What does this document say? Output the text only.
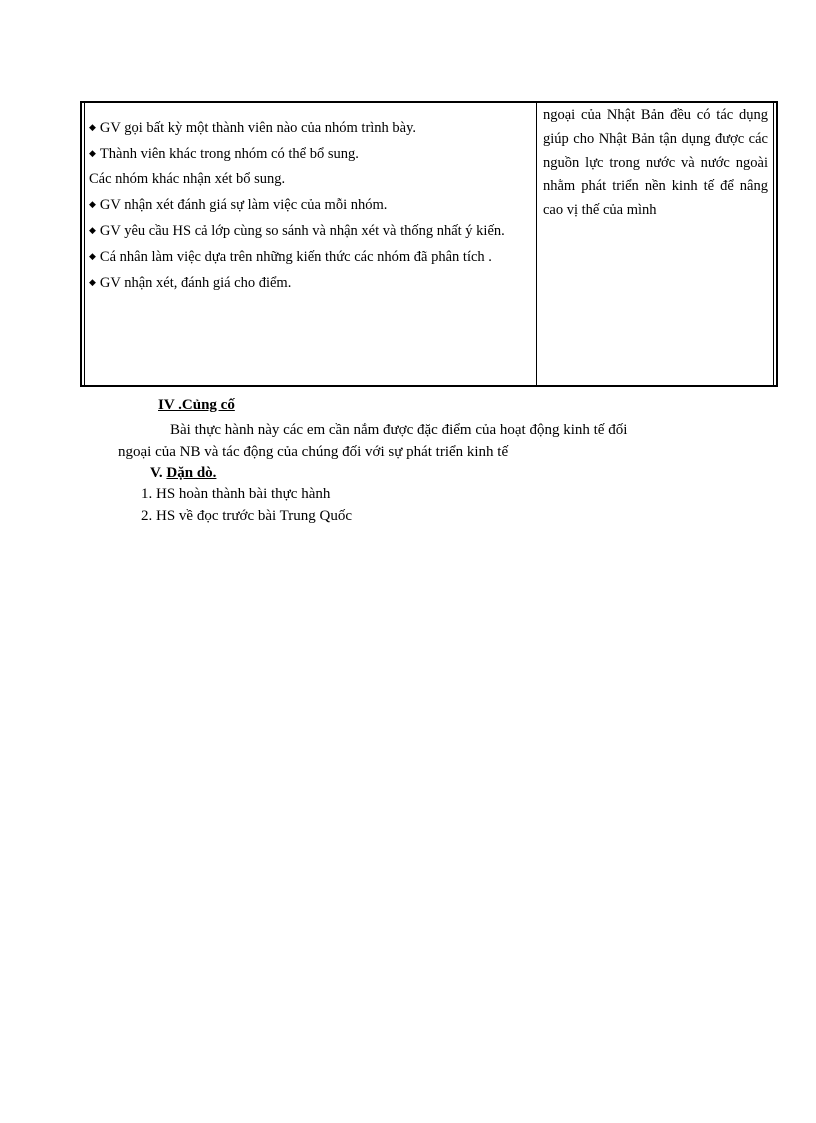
◆ GV gọi bất kỳ một thành viên nào của nhóm trình bày.

◆ Thành viên khác trong nhóm có thể bổ sung.

Các nhóm khác nhận xét bổ sung.

◆ GV nhận xét đánh giá sự làm việc của mỗi nhóm.

◆ GV yêu cầu HS cả lớp cùng so sánh và nhận xét và thống nhất ý kiến.

◆ Cá nhân làm việc dựa trên những kiến thức các nhóm đã phân tích .

◆ GV nhận xét, đánh giá cho điểm.

ngoại của Nhật Bản đều có tác dụng giúp cho Nhật Bản tận dụng được các nguồn lực trong nước và nước ngoài nhằm phát triển nền kinh tế để nâng cao vị thế của mình
IV .Củng cố
Bài thực hành này các em cần nắm được đặc điểm của hoạt động kinh tế đối
ngoại của NB và tác động của chúng đối với sự phát triển kinh tế
V. Dặn dò.
1. HS hoàn thành bài thực hành
2. HS về đọc trước bài Trung Quốc
